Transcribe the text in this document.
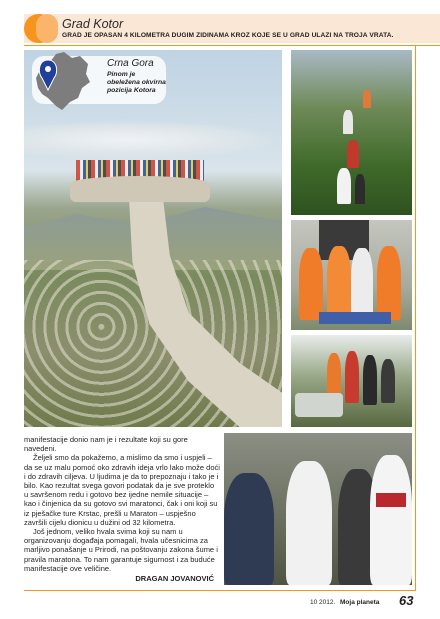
Grad Kotor
GRAD JE OPASAN 4 KILOMETRA DUGIM ZIDINAMA KROZ KOJE SE U GRAD ULAZI NA TROJA VRATA.
Crna Gora
Pinom je obeležena okvirna pozicija Kotora

manifestacije donio nam je i rezultate koji su gore navedeni.

Željeli smo da pokažemo, a mislimo da smo i uspjeli – da se uz malu pomoć oko zdravih ideja vrlo lako može doći i do zdravih ciljeva. U ljudima je da to prepoznaju i tako je i bilo. Kao rezultat svega govori podatak da je sve proteklo u savršenom redu i gotovo bez ijedne nemile situacije – kao i činjenica da su gotovo svi maratonci, čak i oni koji su iz pješačke ture Krstac, prešli u Maraton – uspješno završili cijelu dionicu u dužini od 32 kilometra.

Još jednom, veliko hvala svima koji su nam u organizovanju događaja pomagali, hvala učesnicima za marljivo ponašanje u Prirodi, na poštovanju zakona šume i pravila maratona. To nam garantuje sigurnost i za buduće manifestacije ove veličine.

DRAGAN JOVANOVIĆ
10 2012. Moja planeta 63
